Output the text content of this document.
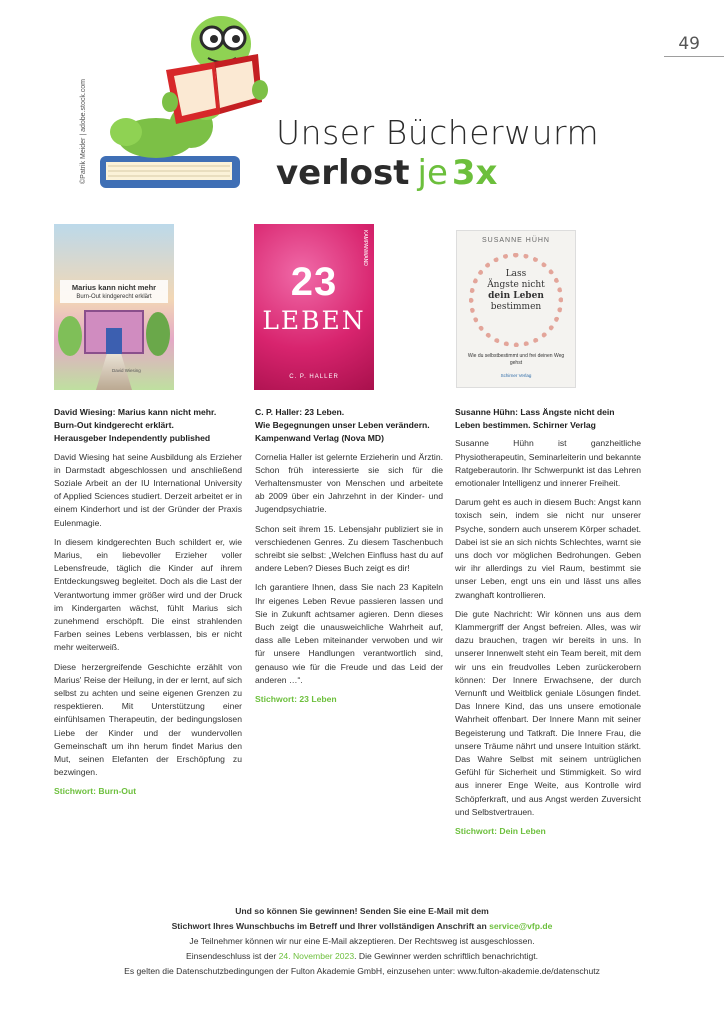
49
©Patrik Meider | adobe.stock.com	Unser Bücherwurm
verlost je 3x
Marius kann nicht mehr
Burn-Out kindgerecht erklärt
David Wiesing
KAMPANWAND
23
LEBEN
C. P. HALLER
SUSANNE HÜHN
Lass
Ängste nicht
dein Leben
bestimmen
Wie du selbstbestimmt und frei deinen Weg gehst
Schirner Verlag
David Wiesing: Marius kann nicht mehr.
Burn-Out kindgerecht erklärt.
Herausgeber Independently published

David Wiesing hat seine Ausbildung als Erzieher in Darmstadt abgeschlossen und anschließend Soziale Arbeit an der IU International University of Applied Sciences studiert. Derzeit arbeitet er in einem Kinderhort und ist der Gründer der Praxis Eulenmagie.

In diesem kindgerechten Buch schildert er, wie Marius, ein liebevoller Erzieher voller Lebensfreude, täglich die Kinder auf ihrem Entdeckungsweg begleitet. Doch als die Last der Verantwortung immer größer wird und der Druck im Kindergarten wächst, fühlt Marius sich zunehmend erschöpft. Die einst strahlenden Farben seines Lebens verblassen, bis er nicht mehr weiterweiß.

Diese herzergreifende Geschichte erzählt von Marius' Reise der Heilung, in der er lernt, auf sich selbst zu achten und seine eigenen Grenzen zu respektieren. Mit Unterstützung einer einfühlsamen Therapeutin, der bedingungslosen Liebe der Kinder und der wundervollen Gemeinschaft um ihn herum findet Marius den Mut, seinen Elefanten der Erschöpfung zu bezwingen.

Stichwort: Burn-Out
C. P. Haller: 23 Leben.
Wie Begegnungen unser Leben verändern.
Kampenwand Verlag (Nova MD)

Cornelia Haller ist gelernte Erzieherin und Ärztin. Schon früh interessierte sie sich für die Verhaltensmuster von Menschen und arbeitete ab 2009 über ein Jahrzehnt in der Kinder- und Jugendpsychiatrie.

Schon seit ihrem 15. Lebensjahr publiziert sie in verschiedenen Genres. Zu diesem Taschenbuch schreibt sie selbst: „Welchen Einfluss hast du auf andere Leben? Dieses Buch zeigt es dir!

Ich garantiere Ihnen, dass Sie nach 23 Kapiteln Ihr eigenes Leben Revue passieren lassen und Sie in Zukunft achtsamer agieren. Denn dieses Buch zeigt die unausweichliche Wahrheit auf, dass alle Leben miteinander verwoben und wir für unsere Handlungen verantwortlich sind, genauso wie für die Freude und das Leid der anderen …“.

Stichwort: 23 Leben
Susanne Hühn: Lass Ängste nicht dein
Leben bestimmen. Schirner Verlag

Susanne Hühn ist ganzheitliche Physiotherapeutin, Seminarleiterin und bekannte Ratgeberautorin. Ihr Schwerpunkt ist das Lehren emotionaler Intelligenz und innerer Freiheit.

Darum geht es auch in diesem Buch: Angst kann toxisch sein, indem sie nicht nur unserer Psyche, sondern auch unserem Körper schadet. Dabei ist sie an sich nichts Schlechtes, warnt sie uns doch vor möglichen Bedrohungen. Geben wir ihr allerdings zu viel Raum, bestimmt sie unser Leben, engt uns ein und lässt uns alles zwanghaft kontrollieren.

Die gute Nachricht: Wir können uns aus dem Klammergriff der Angst befreien. Alles, was wir dazu brauchen, tragen wir bereits in uns. In unserer Innenwelt steht ein Team bereit, mit dem wir uns ein freudvolles Leben zurückerobern können: Der Innere Erwachsene, der durch Vernunft und Weitblick geniale Lösungen findet. Das Innere Kind, das uns unsere emotionale Wahrheit offenbart. Der Innere Mann mit seiner Begeisterung und Tatkraft. Die Innere Frau, die unsere Träume nährt und unsere Intuition stärkt. Das Wahre Selbst mit seinem untrüglichen Gefühl für Sicherheit und Stimmigkeit. So wird aus innerer Enge Weite, aus Kontrolle wird Schöpferkraft, und aus Angst werden Zuversicht und Selbstvertrauen.

Stichwort: Dein Leben
Und so können Sie gewinnen! Senden Sie eine E-Mail mit dem
Stichwort Ihres Wunschbuchs im Betreff und Ihrer vollständigen Anschrift an service@vfp.de
Je Teilnehmer können wir nur eine E-Mail akzeptieren. Der Rechtsweg ist ausgeschlossen.
Einsendeschluss ist der 24. November 2023. Die Gewinner werden schriftlich benachrichtigt.
Es gelten die Datenschutzbedingungen der Fulton Akademie GmbH, einzusehen unter: www.fulton-akademie.de/datenschutz
